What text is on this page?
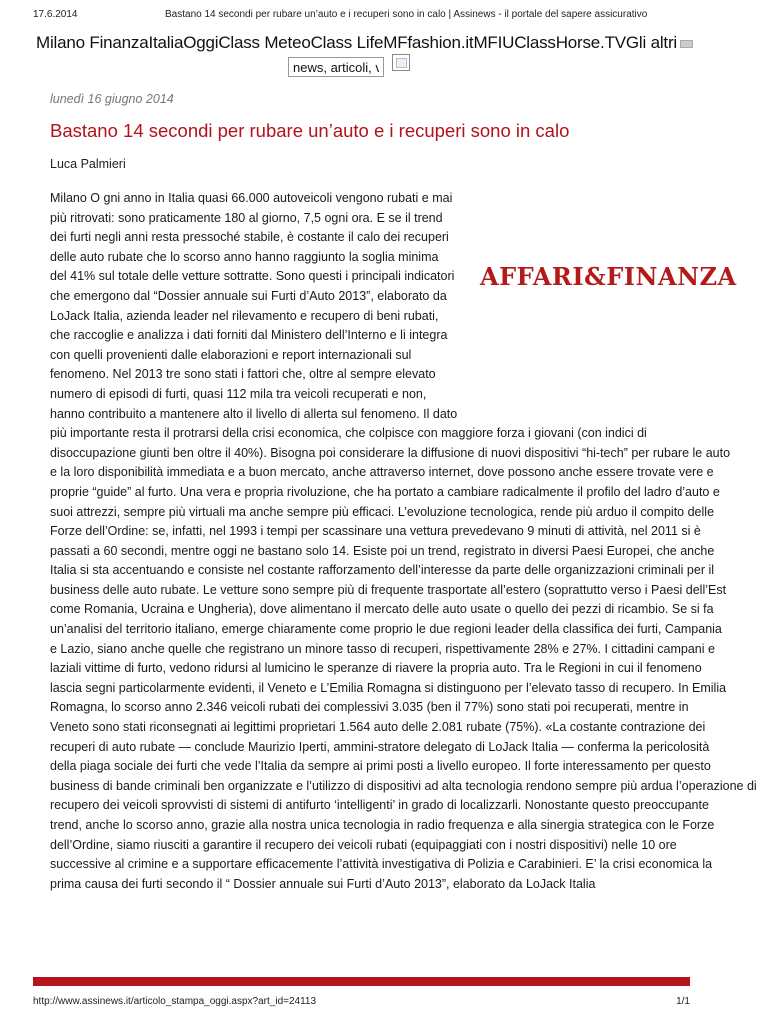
17.6.2014	Bastano 14 secondi per rubare un’auto e i recuperi sono in calo | Assinews - il portale del sapere assicurativo
Milano FinanzaItaliaOggiClass MeteoClass LifeMFfashion.itMFIUClassHorse.TVGli altri
news, articoli, vid
lunedì 16 giugno 2014
Bastano 14 secondi per rubare un’auto e i recuperi sono in calo
Luca Palmieri
AFFARI&FINANZA
Milano O gni anno in Italia quasi 66.000 autoveicoli vengono rubati e mai
più ritrovati: sono praticamente 180 al giorno, 7,5 ogni ora. E se il trend
dei furti negli anni resta pressoché stabile, è costante il calo dei recuperi
delle auto rubate che lo scorso anno hanno raggiunto la soglia minima
del 41% sul totale delle vetture sottratte. Sono questi i principali indicatori
che emergono dal “Dossier annuale sui Furti d’Auto 2013”, elaborato da
LoJack Italia, azienda leader nel rilevamento e recupero di beni rubati,
che raccoglie e analizza i dati forniti dal Ministero dell’Interno e li integra
con quelli provenienti dalle elaborazioni e report internazionali sul
fenomeno. Nel 2013 tre sono stati i fattori che, oltre al sempre elevato
numero di episodi di furti, quasi 112 mila tra veicoli recuperati e non,
hanno contribuito a mantenere alto il livello di allerta sul fenomeno. Il dato
più importante resta il protrarsi della crisi economica, che colpisce con maggiore forza i giovani (con indici di
disoccupazione giunti ben oltre il 40%). Bisogna poi considerare la diffusione di nuovi dispositivi “hi-tech” per rubare le auto
e la loro disponibilità immediata e a buon mercato, anche attraverso internet, dove possono anche essere trovate vere e
proprie “guide” al furto. Una vera e propria rivoluzione, che ha portato a cambiare radicalmente il profilo del ladro d’auto e
suoi attrezzi, sempre più virtuali ma anche sempre più efficaci. L’evoluzione tecnologica, rende più arduo il compito delle
Forze dell’Ordine: se, infatti, nel 1993 i tempi per scassinare una vettura prevedevano 9 minuti di attività, nel 2011 si è
passati a 60 secondi, mentre oggi ne bastano solo 14. Esiste poi un trend, registrato in diversi Paesi Europei, che anche
Italia si sta accentuando e consiste nel costante rafforzamento dell’interesse da parte delle organizzazioni criminali per il
business delle auto rubate. Le vetture sono sempre più di frequente trasportate all’estero (soprattutto verso i Paesi dell’Est
come Romania, Ucraina e Ungheria), dove alimentano il mercato delle auto usate o quello dei pezzi di ricambio. Se si fa
un’analisi del territorio italiano, emerge chiaramente come proprio le due regioni leader della classifica dei furti, Campania
e Lazio, siano anche quelle che registrano un minore tasso di recuperi, rispettivamente 28% e 27%. I cittadini campani e
laziali vittime di furto, vedono ridursi al lumicino le speranze di riavere la propria auto. Tra le Regioni in cui il fenomeno
lascia segni particolarmente evidenti, il Veneto e L’Emilia Romagna si distinguono per l’elevato tasso di recupero. In Emilia
Romagna, lo scorso anno 2.346 veicoli rubati dei complessivi 3.035 (ben il 77%) sono stati poi recuperati, mentre in
Veneto sono stati riconsegnati ai legittimi proprietari 1.564 auto delle 2.081 rubate (75%). «La costante contrazione dei
recuperi di auto rubate — conclude Maurizio Iperti, ammini-stratore delegato di LoJack Italia — conferma la pericolosità
della piaga sociale dei furti che vede l’Italia da sempre ai primi posti a livello europeo. Il forte interessamento per questo
business di bande criminali ben organizzate e l’utilizzo di dispositivi ad alta tecnologia rendono sempre più ardua l’operazione di
recupero dei veicoli sprovvisti di sistemi di antifurto ‘intelligenti’ in grado di localizzarli. Nonostante questo preoccupante
trend, anche lo scorso anno, grazie alla nostra unica tecnologia in radio frequenza e alla sinergia strategica con le Forze
dell’Ordine, siamo riusciti a garantire il recupero dei veicoli rubati (equipaggiati con i nostri dispositivi) nelle 10 ore
successive al crimine e a supportare efficacemente l’attività investigativa di Polizia e Carabinieri. E’ la crisi economica la
prima causa dei furti secondo il “ Dossier annuale sui Furti d’Auto 2013”, elaborato da LoJack Italia
http://www.assinews.it/articolo_stampa_oggi.aspx?art_id=24113	1/1
